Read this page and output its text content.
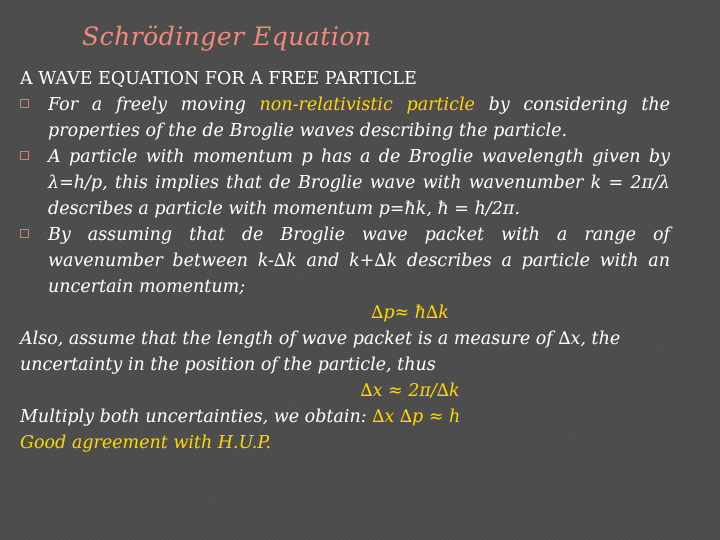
Schrödinger Equation
A WAVE EQUATION FOR A FREE PARTICLE
For a freely moving non-relativistic particle by considering the properties of the de Broglie waves describing the particle.
A particle with momentum p has a de Broglie wavelength given by λ=h/p, this implies that de Broglie wave with wavenumber k = 2π/λ describes a particle with momentum p=ħk, ħ = h/2π.
By assuming that de Broglie wave packet with a range of wavenumber between k-∆k and k+∆k describes a particle with an uncertain momentum;
∆p≈ ħ∆k
Also, assume that the length of wave packet is a measure of ∆x, the uncertainty in the position of the particle, thus
∆x ≈ 2π/∆k
Multiply both uncertainties, we obtain: ∆x ∆p ≈ h
Good agreement with H.U.P.
